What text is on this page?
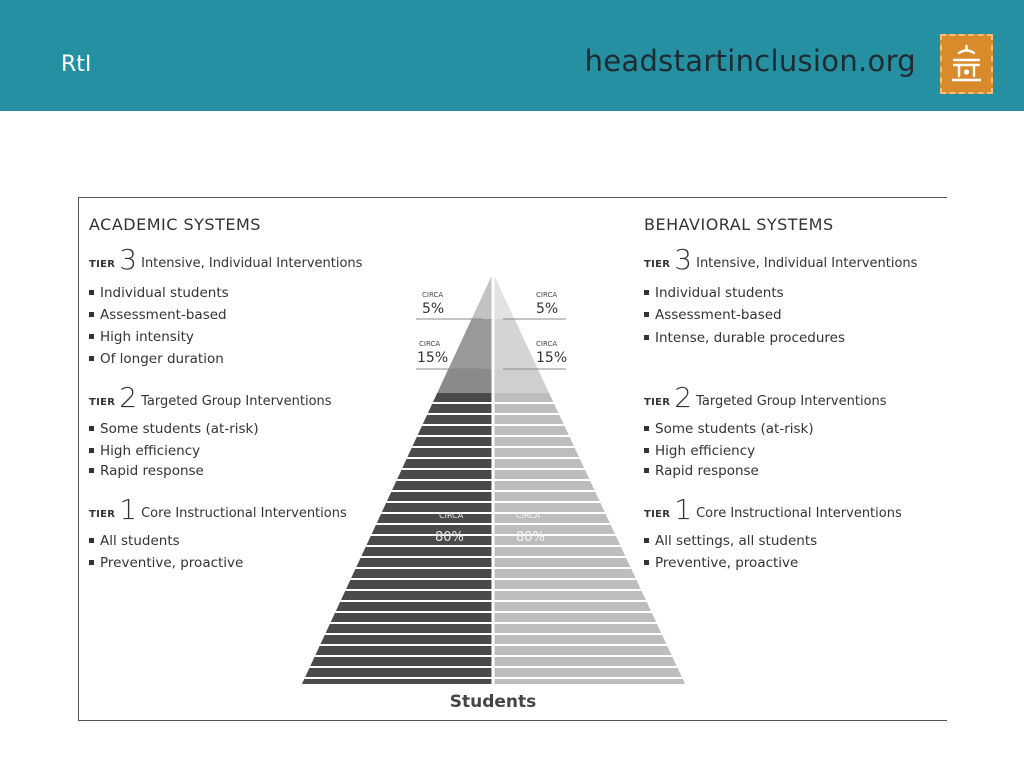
RtI	headstartinclusion.org
CIRCA
5%
CIRCA
5%
CIRCA
15%
CIRCA
15%
CIRCA
80%
CIRCA
80%
ACADEMIC SYSTEMS
TIER 3 Intensive, Individual Interventions
Individual students
Assessment-based
High intensity
Of longer duration
TIER 2 Targeted Group Interventions
Some students (at-risk)
High efficiency
Rapid response
TIER 1 Core Instructional Interventions
All students
Preventive, proactive
BEHAVIORAL SYSTEMS
TIER 3 Intensive, Individual Interventions
Individual students
Assessment-based
Intense, durable procedures
TIER 2 Targeted Group Interventions
Some students (at-risk)
High efficiency
Rapid response
TIER 1 Core Instructional Interventions
All settings, all students
Preventive, proactive
Students
